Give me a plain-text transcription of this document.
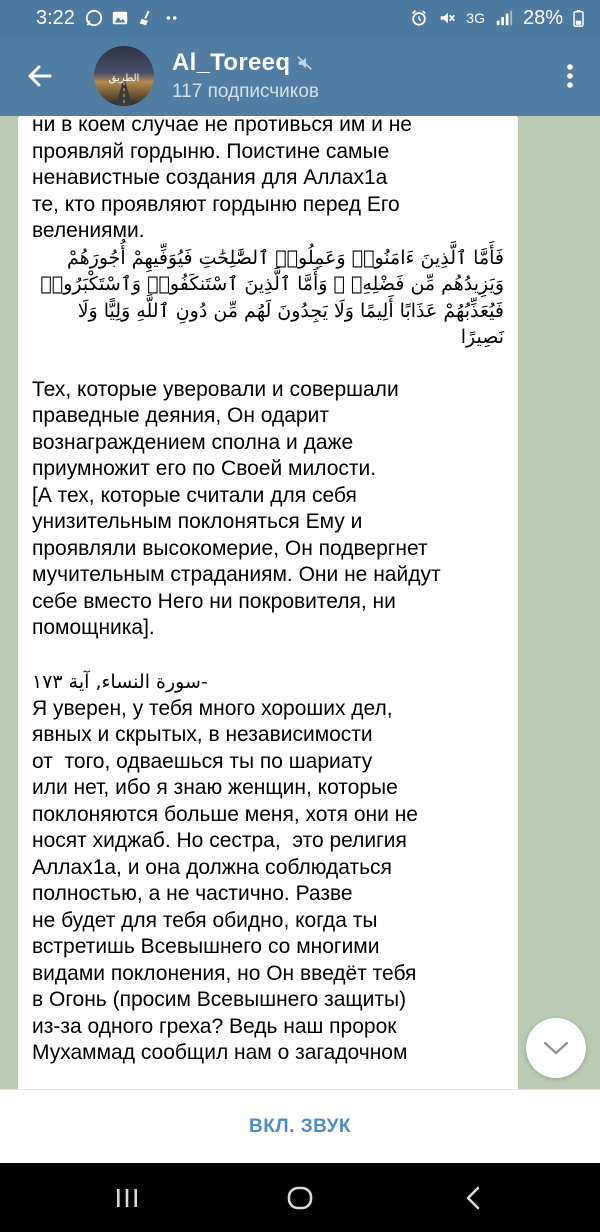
3:22	3G 28%
الطريق
Al_Toreeq
117 подписчиков
ни в коем случае не противься им и не
проявляй гордыню. Поистине самые
ненавистные создания для Аллах1а
те, кто проявляют гордыню перед Его
велениями.
فَأَمَّا ٱلَّذِينَ ءَامَنُوا۟ وَعَمِلُوا۟ ٱلصَّٰلِحَٰتِ فَيُوَفِّيهِمْ أُجُورَهُمْ وَيَزِيدُهُم مِّن فَضْلِهِۦ ۖ وَأَمَّا ٱلَّذِينَ ٱسْتَنكَفُوا۟ وَٱسْتَكْبَرُوا۟ فَيُعَذِّبُهُمْ عَذَابًا أَلِيمًا وَلَا يَجِدُونَ لَهُم مِّن دُونِ ٱللَّهِ وَلِيًّا وَلَا نَصِيرًا
Тех, которые уверовали и совершали
праведные деяния, Он одарит
вознаграждением сполна и даже
приумножит его по Своей милости.
[А тех, которые считали для себя
унизительным поклоняться Ему и
проявляли высокомерие, Он подвергнет
мучительным страданиям. Они не найдут
себе вместо Него ни покровителя, ни
помощника].
-سورة النساء, آية ١٧٣
Я уверен, у тебя много хороших дел,
явных и скрытых, в независимости
от  того, одваешься ты по шариату
или нет, ибо я знаю женщин, которые
поклоняются больше меня, хотя они не
носят хиджаб. Но сестра,  это религия
Аллах1а, и она должна соблюдаться
полностью, а не частично. Разве
не будет для тебя обидно, когда ты
встретишь Всевышнего со многими
видами поклонения, но Он введёт тебя
в Огонь (просим Всевышнего защиты)
из-за одного греха? Ведь наш пророк
Мухаммад сообщил нам о загадочном
ВКЛ. ЗВУК
